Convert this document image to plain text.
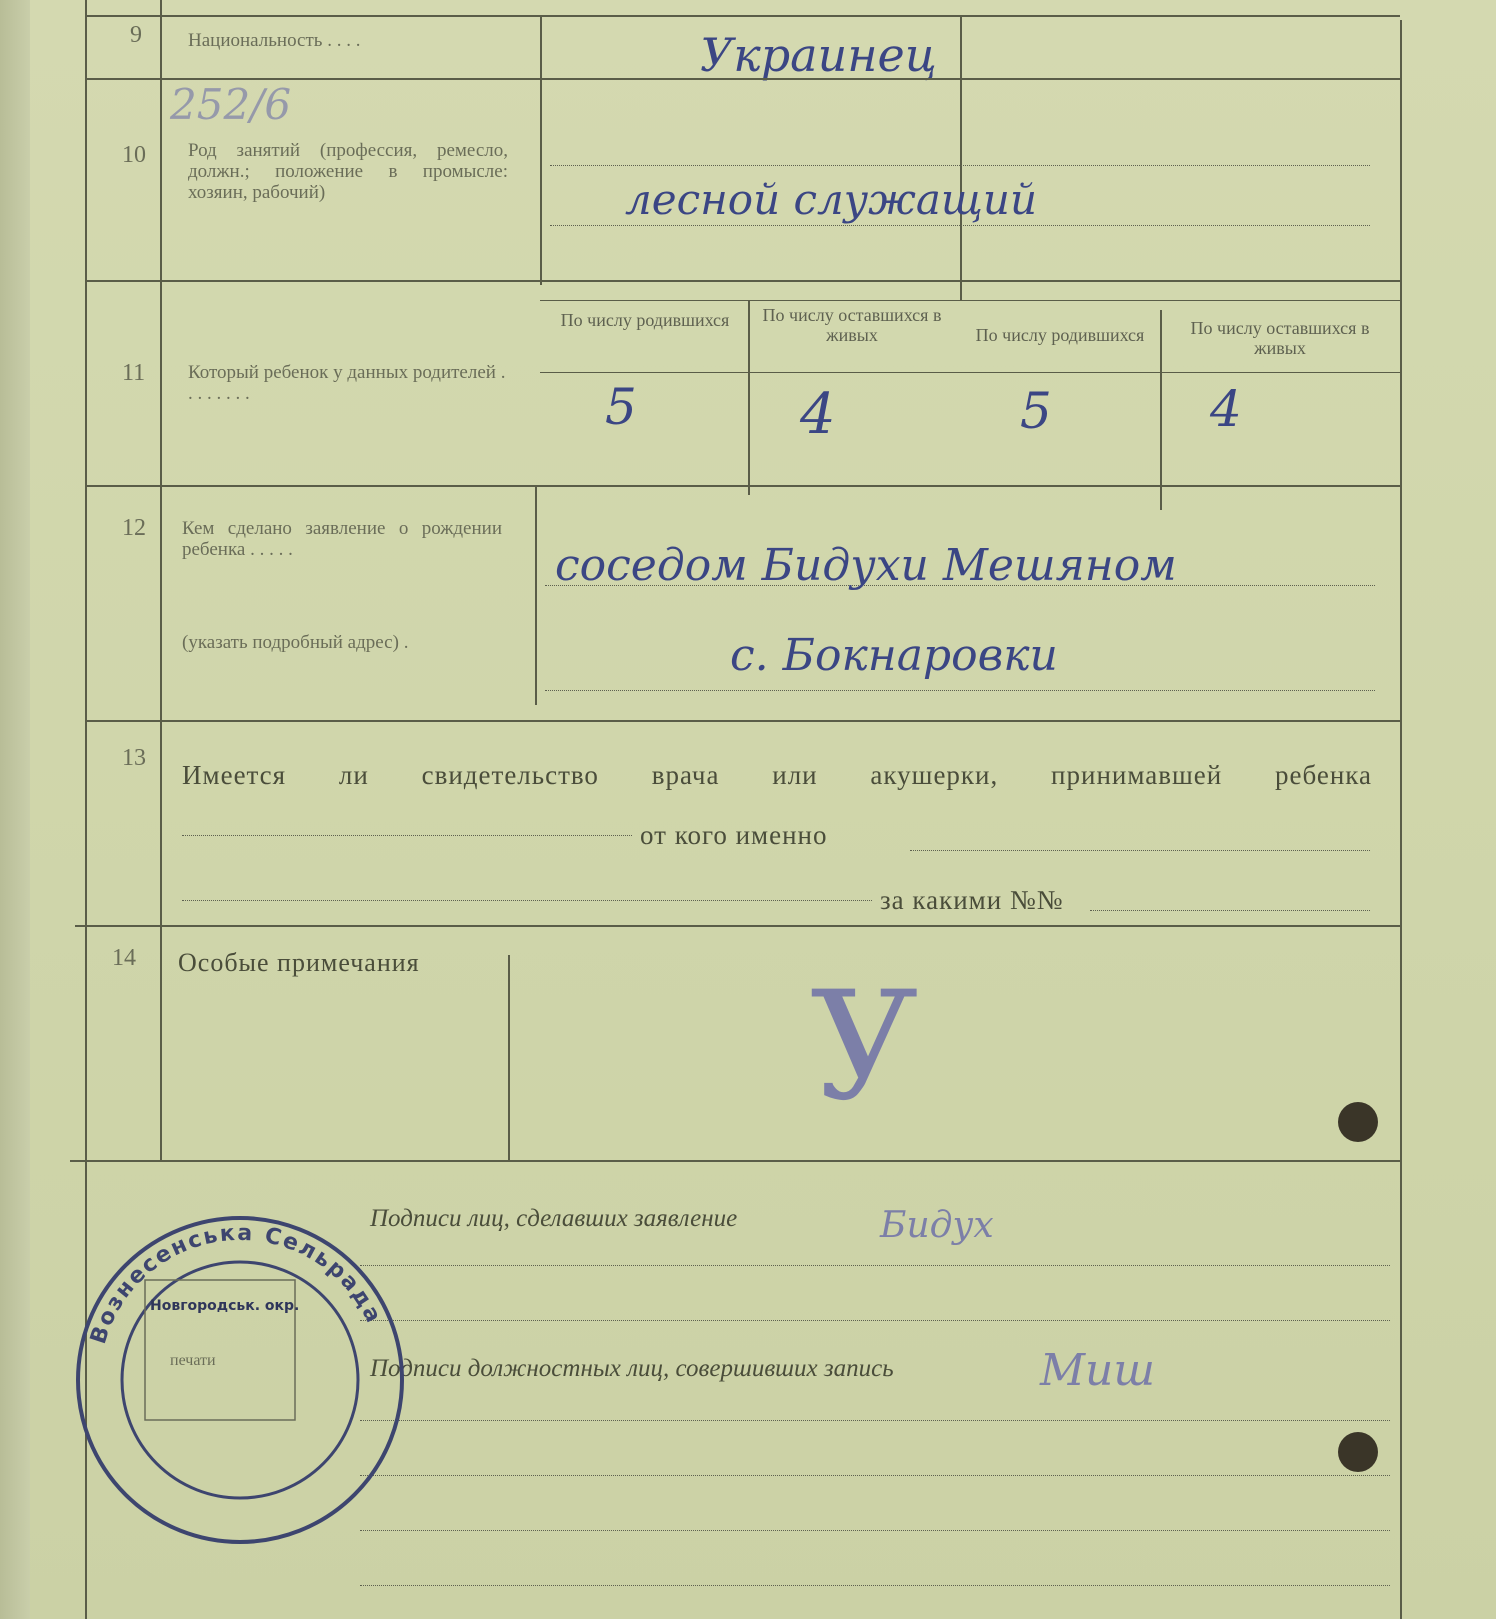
9 Национальность . . . .	Украинец
252/6
10 Род занятий (профессия, ремесло, должн.; положение в промысле: хозяин, рабочий)	лесной служащий
11 Который ребенок у данных родителей . . . . . . . .
По числу родившихся	По числу оставшихся в живых	По числу родившихся	По числу оставшихся в живых
5	4	5	4
12 Кем сделано заявление о рождении ребенка . . . . .
(указать подробный адрес) .
соседом Бидухи Мешяном
с. Бокнаровки
13
Имеется ли свидетельство врача или акушерки, принимавшей ребенка
от кого именно
за какими №№
14 Особые примечания	У
Подписи лиц, сделавших заявление	Бидух
Подписи должностных лиц, совершивших запись	Миш
Вознесенська Сельрада
Новгородськ. окр.
печати
